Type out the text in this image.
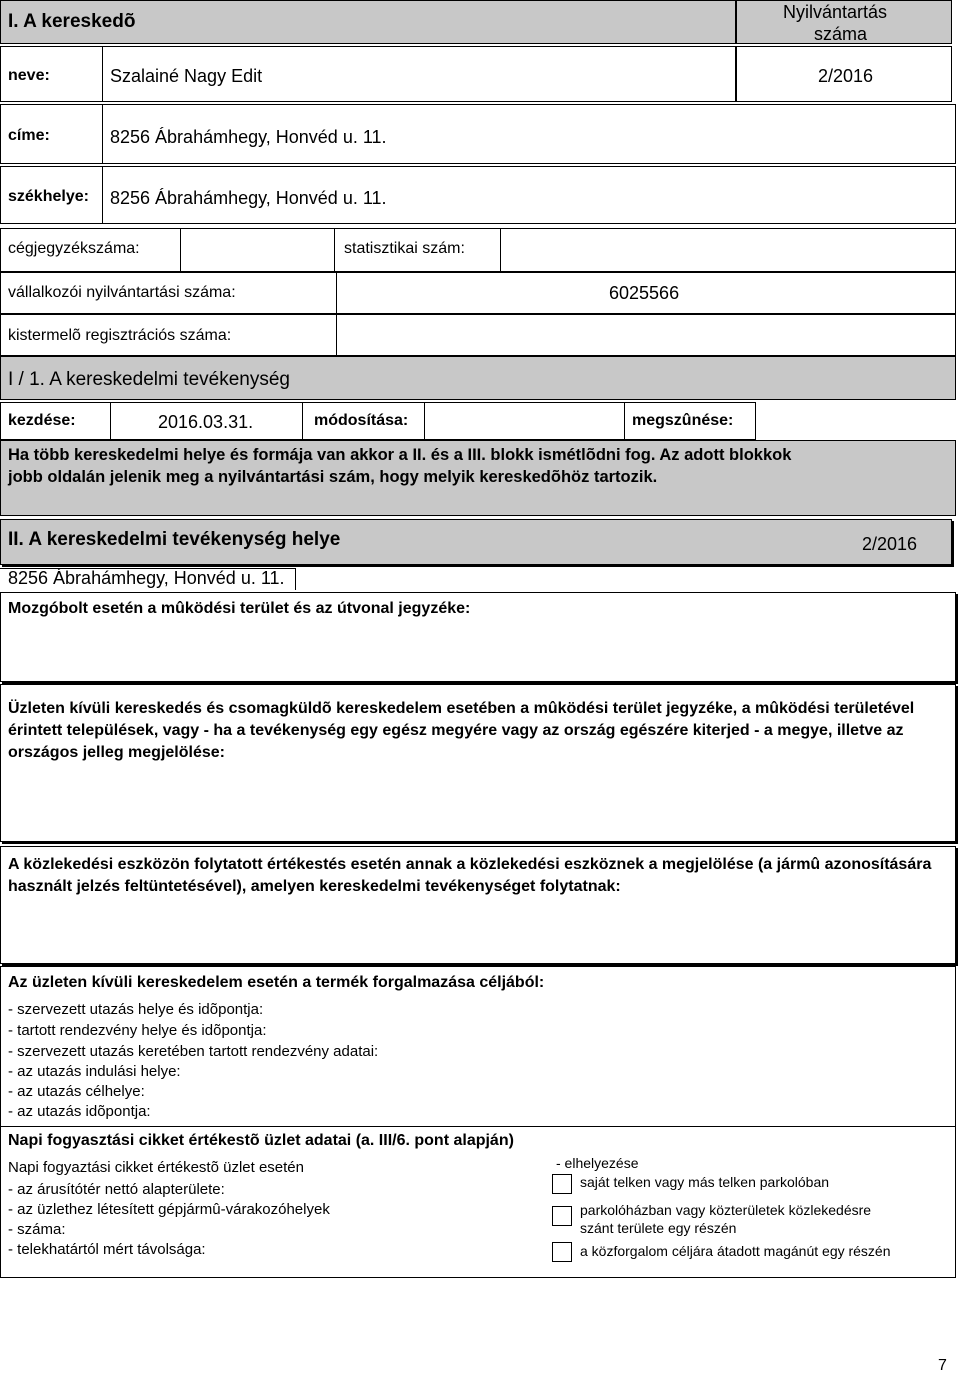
I. A kereskedõ	Nyilvántartás
száma
neve:	Szalainé Nagy Edit	2/2016
címe:	8256 Ábrahámhegy, Honvéd u. 11.
székhelye: 8256 Ábrahámhegy, Honvéd u. 11.
cégjegyzékszáma:	statisztikai szám:
vállalkozói nyilvántartási száma:	6025566
kistermelõ regisztrációs száma:
I / 1. A kereskedelmi tevékenység
kezdése:	2016.03.31.	módosítása:	megszûnése:
Ha több kereskedelmi helye és formája van akkor a II. és a III. blokk ismétlõdni fog. Az adott blokkok jobb oldalán jelenik meg a nyilvántartási szám, hogy melyik kereskedõhöz tartozik.
II. A kereskedelmi tevékenység helye	2/2016
8256 Ábrahámhegy, Honvéd u. 11.
Mozgóbolt esetén a mûködési terület és az útvonal jegyzéke:
Üzleten kívüli kereskedés és csomagküldõ kereskedelem esetében a mûködési terület jegyzéke, a mûködési területével érintett települések, vagy - ha a tevékenység egy egész megyére vagy az ország egészére kiterjed - a megye, illetve az országos jelleg megjelölése:
A közlekedési eszközön folytatott értékestés esetén annak a közlekedési eszköznek a megjelölése (a jármû azonosítására használt jelzés feltüntetésével), amelyen kereskedelmi tevékenységet folytatnak:
Az üzleten kívüli kereskedelem esetén a termék forgalmazása céljából:
- szervezett utazás helye és idõpontja:
- tartott rendezvény helye és idõpontja:
- szervezett utazás keretében tartott rendezvény adatai:
- az utazás indulási helye:
- az utazás célhelye:
- az utazás idõpontja:
Napi fogyasztási cikket értékestõ üzlet adatai (a. III/6. pont alapján)
Napi fogyaztási cikket értékestõ üzlet esetén
- az árusítótér nettó alapterülete:
- az üzlethez létesített gépjármû-várakozóhelyek
- száma:
- telekhatártól mért távolsága:
- elhelyezése
saját telken vagy más telken parkolóban
parkolóházban vagy közterületek közlekedésre
szánt területe egy részén
a közforgalom céljára átadott magánút egy részén
7
